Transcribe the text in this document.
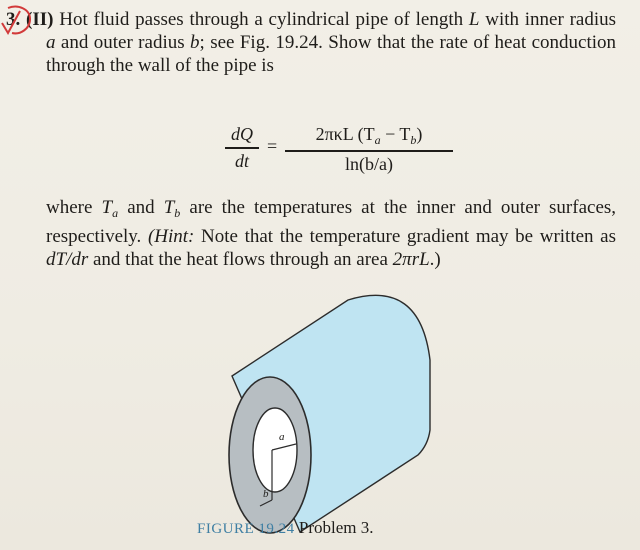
3. (II) Hot fluid passes through a cylindrical pipe of length L with inner radius a and outer radius b; see Fig. 19.24. Show that the rate of heat conduction through the wall of the pipe is
dQ
dt
=
2πκL $(T_a - T_b)$
ln(b/a)
where $T_a$ and $T_b$ are the temperatures at the inner and outer surfaces, respectively. (Hint: Note that the temperature gradient may be written as dT/dr and that the heat flows through an area 2πrL.)
a
b
FIGURE 19.24 Problem 3.
